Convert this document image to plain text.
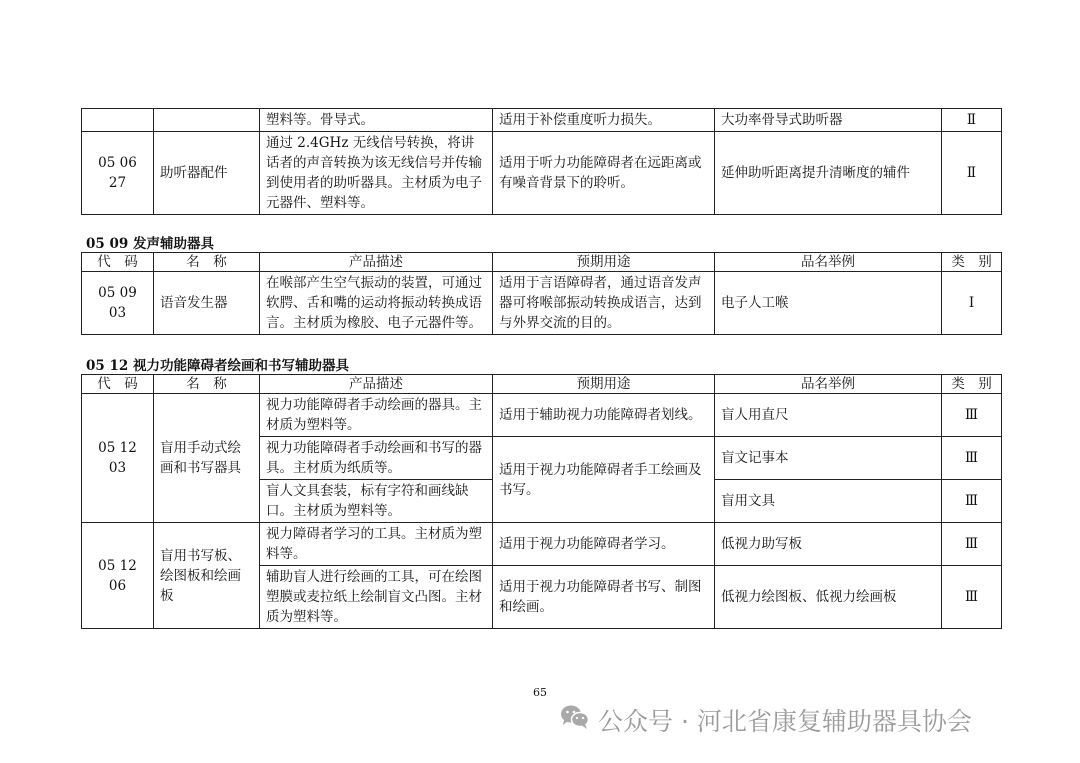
		塑料等。骨导式。	适用于补偿重度听力损失。	大功率骨导式助听器	Ⅱ
05 06 27	助听器配件	通过 2.4GHz 无线信号转换，将讲话者的声音转换为该无线信号并传输到使用者的助听器具。主材质为电子元器件、塑料等。	适用于听力功能障碍者在远距离或有噪音背景下的聆听。	延伸助听距离提升清晰度的辅件	Ⅱ
05 09 发声辅助器具
代　码	名　称	产品描述	预期用途	品名举例	类　别
05 09 03	语音发生器	在喉部产生空气振动的装置，可通过软腭、舌和嘴的运动将振动转换成语言。主材质为橡胶、电子元器件等。	适用于言语障碍者，通过语音发声器可将喉部振动转换成语言，达到与外界交流的目的。	电子人工喉	Ⅰ
05 12 视力功能障碍者绘画和书写辅助器具
代　码	名　称	产品描述	预期用途	品名举例	类　别
05 12 03	盲用手动式绘画和书写器具	视力功能障碍者手动绘画的器具。主材质为塑料等。	适用于辅助视力功能障碍者划线。	盲人用直尺	Ⅲ
		视力功能障碍者手动绘画和书写的器具。主材质为纸质等。	适用于视力功能障碍者手工绘画及书写。	盲文记事本	Ⅲ
		盲人文具套装，标有字符和画线缺口。主材质为塑料等。		盲用文具	Ⅲ
05 12 06	盲用书写板、绘图板和绘画板	视力障碍者学习的工具。主材质为塑料等。	适用于视力功能障碍者学习。	低视力助写板	Ⅲ
		辅助盲人进行绘画的工具，可在绘图塑膜或麦拉纸上绘制盲文凸图。主材质为塑料等。	适用于视力功能障碍者书写、制图和绘画。	低视力绘图板、低视力绘画板	Ⅲ
65
公众号 · 河北省康复辅助器具协会
